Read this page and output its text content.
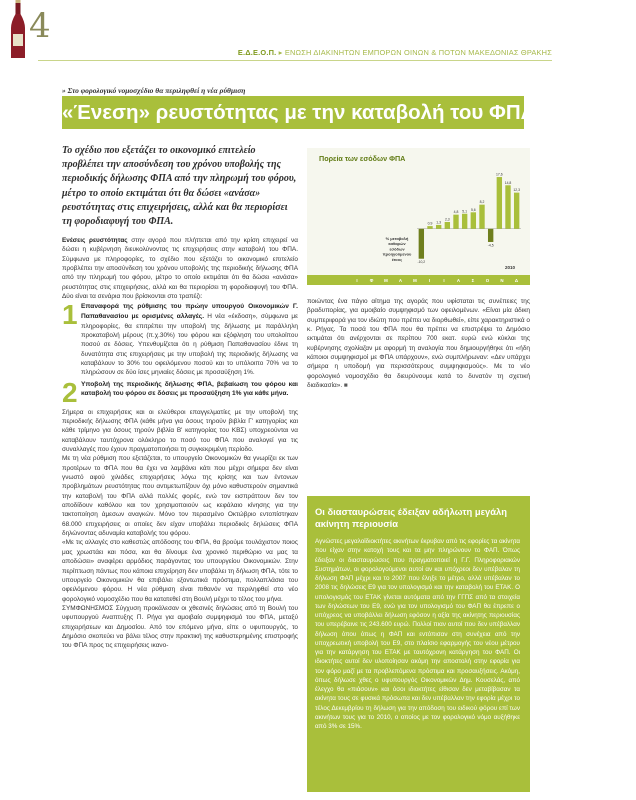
4
Ε.Δ.Ε.Ο.Π. ▸ ΕΝΩΣΗ ΔΙΑΚΙΝΗΤΩΝ ΕΜΠΟΡΩΝ ΟΙΝΩΝ & ΠΟΤΩΝ ΜΑΚΕΔΟΝΙΑΣ ΘΡΑΚΗΣ
» Στο φορολογικό νομοσχέδιο θα περιληφθεί η νέα ρύθμιση
«Ένεση» ρευστότητας με την καταβολή του ΦΠΑ σε δόσεις
Το σχέδιο που εξετάζει το οικονομικό επιτελείο προβλέπει την αποσύνδεση του χρόνου υποβολής της περιοδικής δήλωσης ΦΠΑ από την πληρωμή του φόρου, μέτρο το οποίο εκτιμάται ότι θα δώσει «ανάσα» ρευστότητας στις επιχειρήσεις, αλλά και θα περιορίσει τη φοροδιαφυγή του ΦΠΑ.

Ενέσεις ρευστότητας στην αγορά που πλήττεται από την κρίση επιχειρεί να δώσει η κυβέρνηση διευκολύνοντας τις επιχειρήσεις στην καταβολή του ΦΠΑ. Σύμφωνα με πληροφορίες, το σχέδιο που εξετάζει το οικονομικό επιτελείο προβλέπει την αποσύνδεση του χρόνου υποβολής της περιοδικής δήλωσης ΦΠΑ από την πληρωμή του φόρου, μέτρο το οποίο εκτιμάται ότι θα δώσει «ανάσα» ρευστότητας στις επιχειρήσεις, αλλά και θα περιορίσει τη φοροδιαφυγή του ΦΠΑ. Δύο είναι τα σενάρια που βρίσκονται στο τραπέζι:

1 Επαναφορά της ρύθμισης του πρώην υπουργού Οικονομικών Γ. Παπαθανασίου με ορισμένες αλλαγές. Η νέα «έκδοση», σύμφωνα με πληροφορίες, θα επιτρέπει την υποβολή της δήλωσης με παράλληλη προκαταβολή μέρους (π.χ.30%) του φόρου και εξόφληση του υπολοίπου ποσού σε δόσεις. Υπενθυμίζεται ότι η ρύθμιση Παπαθανασίου έδινε τη δυνατότητα στις επιχειρήσεις με την υποβολή της περιοδικής δήλωσης να καταβάλουν το 30% του οφειλόμενου ποσού και το υπόλοιπο 70% να το πληρώσουν σε δύο ίσες μηνιαίες δόσεις με προσαύξηση 1%.
2 Υποβολή της περιοδικής δήλωσης ΦΠΑ, βεβαίωση του φόρου και καταβολή του φόρου σε δόσεις με προσαύξηση 1% για κάθε μήνα.

Σήμερα οι επιχειρήσεις και οι ελεύθεροι επαγγελματίες με την υποβολή της περιοδικής δήλωσης ΦΠΑ (κάθε μήνα για όσους τηρούν βιβλία Γ' κατηγορίας και κάθε τρίμηνο για όσους τηρούν βιβλία Β' κατηγορίας του ΚΒΣ) υποχρεούνται να καταβάλουν ταυτόχρονα ολόκληρο το ποσό του ΦΠΑ που αναλογεί για τις συναλλαγές που έχουν πραγματοποιήσει τη συγκεκριμένη περίοδο.

Με τη νέα ρύθμιση που εξετάζεται, το υπουργείο Οικονομικών θα γνωρίζει εκ των προτέρων το ΦΠΑ που θα έχει να λαμβάνει κάτι που μέχρι σήμερα δεν είναι γνωστό αφού χιλιάδες επιχειρήσεις λόγω της κρίσης και των έντονων προβλημάτων ρευστότητας που αντιμετωπίζουν όχι μόνο καθυστερούν σημαντικά την καταβολή του ΦΠΑ αλλά πολλές φορές, ενώ τον εισπράττουν δεν τον αποδίδουν καθόλου και τον χρησιμοποιούν ως κεφάλαιο κίνησης για την τακτοποίηση άμεσων αναγκών. Μόνο τον περασμένο Οκτώβριο εντοπίστηκαν 68.000 επιχειρήσεις οι οποίες δεν είχαν υποβάλει περιοδικές δηλώσεις ΦΠΑ δηλώνοντας αδυναμία καταβολής του φόρου.

«Με τις αλλαγές στο καθεστώς απόδοσης του ΦΠΑ, θα βρούμε τουλάχιστον ποιος μας χρωστάει και πόσα, και θα δίνουμε ένα χρονικό περιθώριο να μας τα αποδώσει» αναφέρει αρμόδιος παράγοντας του υπουργείου Οικονομικών. Στην περίπτωση πάντως που κάποια επιχείρηση δεν υποβάλει τη δήλωση ΦΠΑ, τότε το υπουργείο Οικονομικών θα επιβάλει εξοντωτικά πρόστιμα, πολλαπλάσια του οφειλόμενου φόρου. Η νέα ρύθμιση είναι πιθανόν να περιληφθεί στο νέο φορολογικό νομοσχέδιο που θα κατατεθεί στη Βουλή μέχρι το τέλος του μήνα.

ΣΥΜΦΩΝΗΣΜΟΣ Σύγχυση προκάλεσαν οι χθεσινές δηλώσεις από τη Βουλή του υφυπουργού Αναπτυξης Π. Ρήγα για αμοιβαίο συμψηφισμό του ΦΠΑ, μεταξύ επιχειρήσεων και Δημοσίου. Από τον επόμενο μήνα, είπε ο υφυπουργός, το Δημόσιο σκοπεύει να βάλει τέλος στην πρακτική της καθυστερημένης επιστροφής του ΦΠΑ προς τις επιχειρήσεις ικανο-

Πορεία των εσόδων ΦΠΑ
2010
% μεταβολή
καθαρών
εσόδων
προηγούμενου
έτους
-10,2
0,9 1,3
2,3
4,8 5,1 5,6
8,2
-4,5
17,6
14,8
12,3
Ι	Φ Μ	Α	Μ	Ι	Ι	Α	Σ	Ο	Ν	Δ

ποιώντας ένα πάγιο αίτημα της αγοράς που υφίσταται τις συνέπειες της βραδυπορίας, για αμοιβαίο συμψηφισμό των οφειλομένων. «Είναι μία άδικη συμπεριφορά για τον ιδιώτη που πρέπει να διορθωθεί», είπε χαρακτηριστικά ο κ. Ρήγας. Τα ποσά του ΦΠΑ που θα πρέπει να επιστρέψει το Δημόσιο εκτιμάται ότι ανέρχονται σε περίπου 700 εκατ. ευρώ ενώ κύκλοι της κυβέρνησης σχολίαζαν με αφορμή τη αναλογία που δημιουργήθηκε ότι «ήδη κάποιοι συμψηφισμοί με ΦΠΑ υπάρχουν», ενώ συμπλήρωναν: «Δεν υπάρχει σήμερα η υποδομή για περισσότερους συμψηφισμούς». Με το νέο φορολογικό νομοσχέδιο θα διευρύνουμε κατά το δυνατόν τη σχετική διαδικασία». ■

Οι διασταυρώσεις έδειξαν αδήλωτη μεγάλη ακίνητη περιουσία
Αγνώστες μεγαλοϊδιοκτήτες ακινήτων έκρυβαν από τις εφορίες τα ακίνητα που είχαν στην κατοχή τους και τα μην πληρώνουν το ΦΑΠ. Όπως έδειξαν οι διασταυρώσεις που πραγματοποιεί η Γ.Γ. Πληροφοριακών Συστημάτων, οι φορολογούμενοι αυτοί αν και υπόχρεοι δεν υπέβαλαν τη δήλωση ΦΑΠ μέχρι και το 2007 που έληξε το μέτρο, αλλά υπέβαλαν το 2008 τις δηλώσεις Ε9 για τον υπολογισμό και την καταβολή του ΕΤΑΚ. Ο υπολογισμός του ΕΤΑΚ γίνεται αυτόματα από την ΓΓΠΣ από τα στοιχεία των δηλώσεων του Ε9, ενώ για τον υπολογισμό του ΦΑΠ θα έπρεπε ο υπόχρεος να υποβάλλει δήλωση εφόσον η αξία της ακίνητης περιουσίας του υπερέβαινε τις 243.600 ευρώ. Πολλοί πιαν αυτοί που δεν υπέβαλλαν δήλωση όπου όπως η ΦΑΠ και εντόπισαν στη συνέχεια από την υποχρεωτική υποβολή του Ε9, στο πλαίσιο εφαρμογής του νέου μέτρου για την κατάργηση του ΕΤΑΚ με ταυτόχρονη κατάργηση του ΦΑΠ. Οι ιδιοκτήτες αυτοί δεν υλοποίησαν ακόμη την αποστολή στην εφορία για τον φόρο μαζί με τα προβλεπόμενα πρόστιμα και προσαυξήσεις. Ακόμη, όπως δήλωσε χθες ο υφυπουργός Οικονομικών Δημ. Κουσελάς, από έλεγχο θα «πιάσουν» και όσοι ιδιοκτήτες είθισαν δεν μεταβίβασαν τα ακίνητα τους σε φυσικά πρόσωπα και δεν υπέβαλλαν την εφορία μέχρι το τέλος Δεκεμβρίου τη δήλωση για την απόδοση του ειδικού φόρου επί των ακινήτων τους για το 2010, ο οποίος με τον φορολογικό νόμο αυξήθηκε από 3% σε 15%.
